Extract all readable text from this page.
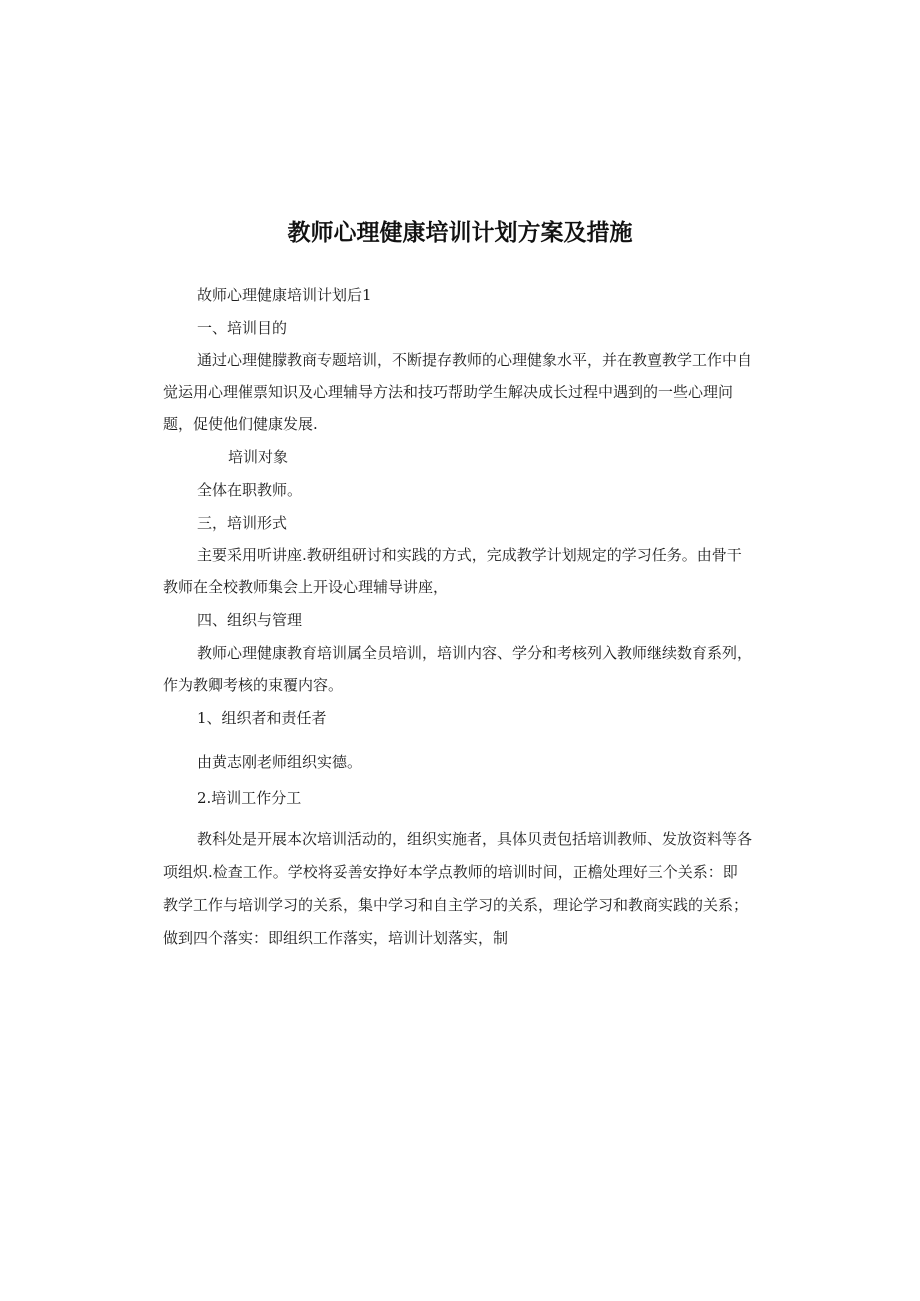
教师心理健康培训计划方案及措施
故师心理健康培训计划后1
一、培训目的
通过心理健朦教商专题培训，不断提存教师的心理健象水平，并在教亶教学工作中自
觉运用心理催票知识及心理辅导方法和技巧帮助学生解决成长过程中遇到的一些心理问
题，促使他们健康发展.
培训对象
全体在职教师。
三，培训形式
主要采用听讲座.教研组研讨和实践的方式，完成教学计划规定的学习任务。由骨干
教师在全校教师集会上开设心理辅导讲座，
四、组织与管理
教师心理健康教育培训属全员培训，培训内容、学分和考核列入教师继续数育系列，
作为教卿考核的束覆内容。
1、组织者和责任者
由黄志刚老师组织实德。
2.培训工作分工
教科处是开展本次培训活动的，组织实施者，具体贝责包括培训教师、发放资料等各
项组炽.检查工作。学校将妥善安挣好本学点教师的培训时间，正檐处理好三个关系：即
教学工作与培训学习的关系，集中学习和自主学习的关系，理论学习和教商实践的关系；
做到四个落实：即组织工作落实，培训计划落实，制
